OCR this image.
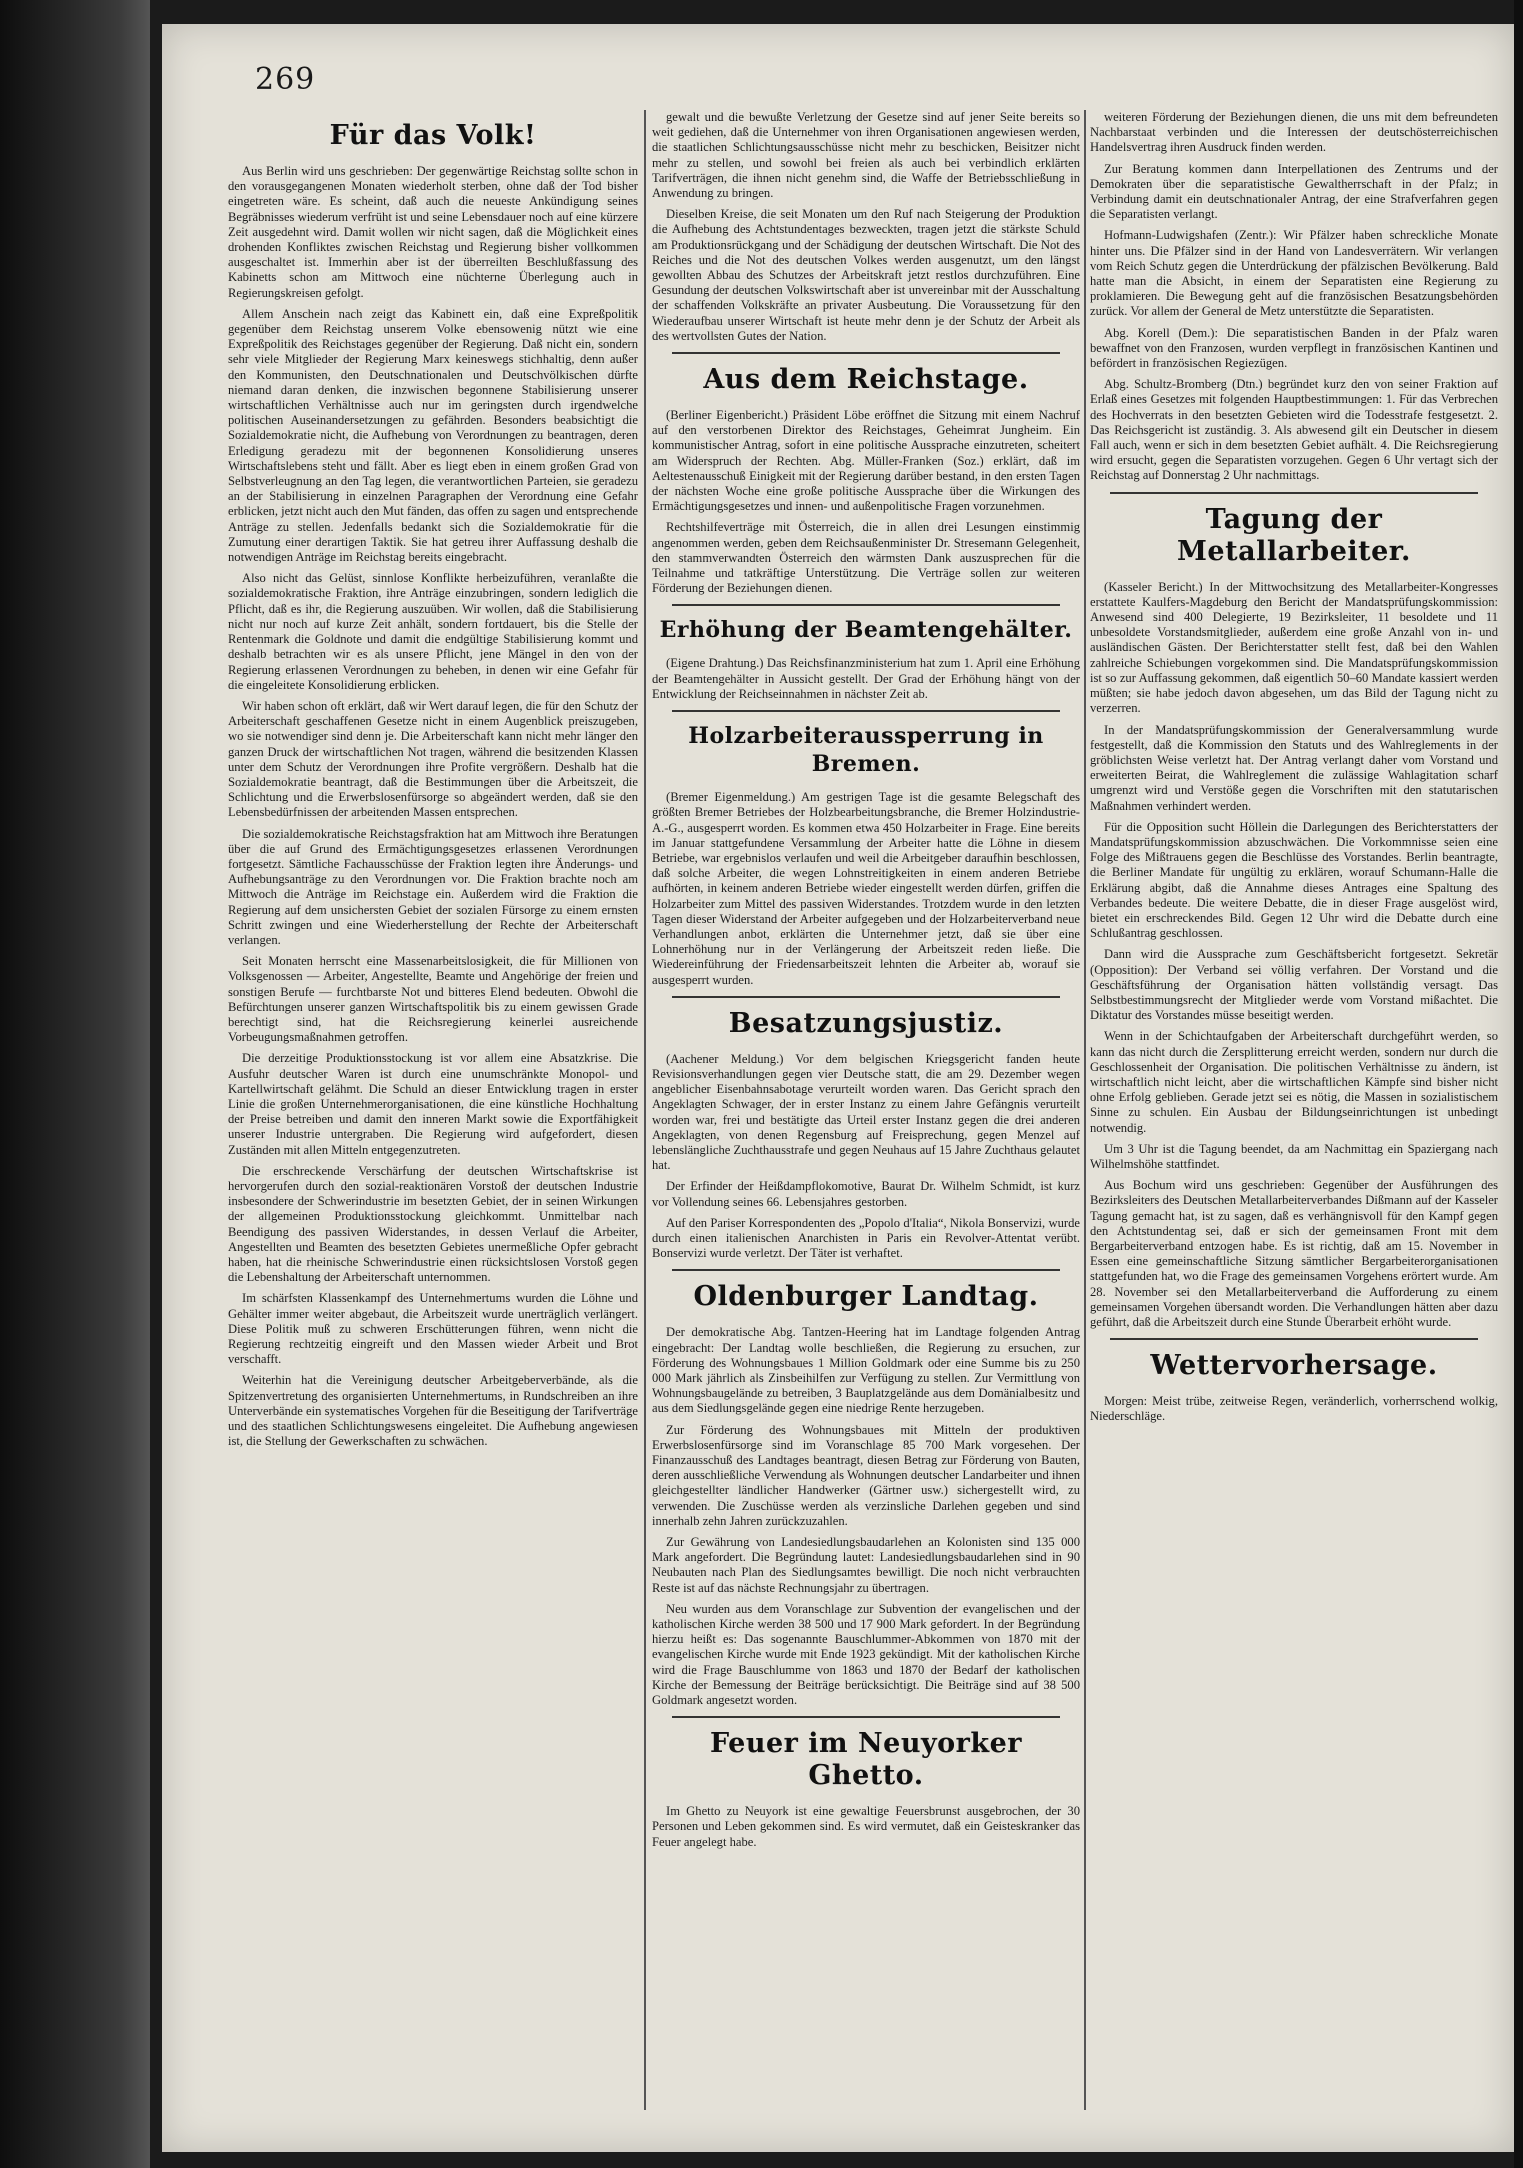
269
Für das Volk!

Aus Berlin wird uns geschrieben: Der gegenwärtige Reichstag sollte schon in den vorausgegangenen Monaten wiederholt sterben, ohne daß der Tod bisher eingetreten wäre. Es scheint, daß auch die neueste Ankündigung seines Begräbnisses wiederum verfrüht ist und seine Lebensdauer noch auf eine kürzere Zeit ausgedehnt wird. Damit wollen wir nicht sagen, daß die Möglichkeit eines drohenden Konfliktes zwischen Reichstag und Regierung bisher vollkommen ausgeschaltet ist. Immerhin aber ist der überreilten Beschlußfassung des Kabinetts schon am Mittwoch eine nüchterne Überlegung auch in Regierungskreisen gefolgt.

Allem Anschein nach zeigt das Kabinett ein, daß eine Expreßpolitik gegenüber dem Reichstag unserem Volke ebensowenig nützt wie eine Expreßpolitik des Reichstages gegenüber der Regierung. Daß nicht ein, sondern sehr viele Mitglieder der Regierung Marx keineswegs stichhaltig, denn außer den Kommunisten, den Deutschnationalen und Deutschvölkischen dürfte niemand daran denken, die inzwischen begonnene Stabilisierung unserer wirtschaftlichen Verhältnisse auch nur im geringsten durch irgendwelche politischen Auseinandersetzungen zu gefährden. Besonders beabsichtigt die Sozialdemokratie nicht, die Aufhebung von Verordnungen zu beantragen, deren Erledigung geradezu mit der begonnenen Konsolidierung unseres Wirtschaftslebens steht und fällt. Aber es liegt eben in einem großen Grad von Selbstverleugnung an den Tag legen, die verantwortlichen Parteien, sie geradezu an der Stabilisierung in einzelnen Paragraphen der Verordnung eine Gefahr erblicken, jetzt nicht auch den Mut fänden, das offen zu sagen und entsprechende Anträge zu stellen. Jedenfalls bedankt sich die Sozialdemokratie für die Zumutung einer derartigen Taktik. Sie hat getreu ihrer Auffassung deshalb die notwendigen Anträge im Reichstag bereits eingebracht.

Also nicht das Gelüst, sinnlose Konflikte herbeizuführen, veranlaßte die sozialdemokratische Fraktion, ihre Anträge einzubringen, sondern lediglich die Pflicht, daß es ihr, die Regierung auszuüben. Wir wollen, daß die Stabilisierung nicht nur noch auf kurze Zeit anhält, sondern fortdauert, bis die Stelle der Rentenmark die Goldnote und damit die endgültige Stabilisierung kommt und deshalb betrachten wir es als unsere Pflicht, jene Mängel in den von der Regierung erlassenen Verordnungen zu beheben, in denen wir eine Gefahr für die eingeleitete Konsolidierung erblicken.

Wir haben schon oft erklärt, daß wir Wert darauf legen, die für den Schutz der Arbeiterschaft geschaffenen Gesetze nicht in einem Augenblick preiszugeben, wo sie notwendiger sind denn je. Die Arbeiterschaft kann nicht mehr länger den ganzen Druck der wirtschaftlichen Not tragen, während die besitzenden Klassen unter dem Schutz der Verordnungen ihre Profite vergrößern. Deshalb hat die Sozialdemokratie beantragt, daß die Bestimmungen über die Arbeitszeit, die Schlichtung und die Erwerbslosenfürsorge so abgeändert werden, daß sie den Lebensbedürfnissen der arbeitenden Massen entsprechen.

Die sozialdemokratische Reichstagsfraktion hat am Mittwoch ihre Beratungen über die auf Grund des Ermächtigungsgesetzes erlassenen Verordnungen fortgesetzt. Sämtliche Fachausschüsse der Fraktion legten ihre Änderungs- und Aufhebungsanträge zu den Verordnungen vor. Die Fraktion brachte noch am Mittwoch die Anträge im Reichstage ein. Außerdem wird die Fraktion die Regierung auf dem unsichersten Gebiet der sozialen Fürsorge zu einem ernsten Schritt zwingen und eine Wiederherstellung der Rechte der Arbeiterschaft verlangen.

Seit Monaten herrscht eine Massenarbeitslosigkeit, die für Millionen von Volksgenossen — Arbeiter, Angestellte, Beamte und Angehörige der freien und sonstigen Berufe — furchtbarste Not und bitteres Elend bedeuten. Obwohl die Befürchtungen unserer ganzen Wirtschaftspolitik bis zu einem gewissen Grade berechtigt sind, hat die Reichsregierung keinerlei ausreichende Vorbeugungsmaßnahmen getroffen.

Die derzeitige Produktionsstockung ist vor allem eine Absatzkrise. Die Ausfuhr deutscher Waren ist durch eine unumschränkte Monopol- und Kartellwirtschaft gelähmt. Die Schuld an dieser Entwicklung tragen in erster Linie die großen Unternehmerorganisationen, die eine künstliche Hochhaltung der Preise betreiben und damit den inneren Markt sowie die Exportfähigkeit unserer Industrie untergraben. Die Regierung wird aufgefordert, diesen Zuständen mit allen Mitteln entgegenzutreten.

Die erschreckende Verschärfung der deutschen Wirtschaftskrise ist hervorgerufen durch den sozial-reaktionären Vorstoß der deutschen Industrie insbesondere der Schwerindustrie im besetzten Gebiet, der in seinen Wirkungen der allgemeinen Produktionsstockung gleichkommt. Unmittelbar nach Beendigung des passiven Widerstandes, in dessen Verlauf die Arbeiter, Angestellten und Beamten des besetzten Gebietes unermeßliche Opfer gebracht haben, hat die rheinische Schwerindustrie einen rücksichtslosen Vorstoß gegen die Lebenshaltung der Arbeiterschaft unternommen.

Im schärfsten Klassenkampf des Unternehmertums wurden die Löhne und Gehälter immer weiter abgebaut, die Arbeitszeit wurde unerträglich verlängert. Diese Politik muß zu schweren Erschütterungen führen, wenn nicht die Regierung rechtzeitig eingreift und den Massen wieder Arbeit und Brot verschafft.

Weiterhin hat die Vereinigung deutscher Arbeitgeberverbände, als die Spitzenvertretung des organisierten Unternehmertums, in Rundschreiben an ihre Unterverbände ein systematisches Vorgehen für die Beseitigung der Tarifverträge und des staatlichen Schlichtungswesens eingeleitet. Die Aufhebung angewiesen ist, die Stellung der Gewerkschaften zu schwächen.

gewalt und die bewußte Verletzung der Gesetze sind auf jener Seite bereits so weit gediehen, daß die Unternehmer von ihren Organisationen angewiesen werden, die staatlichen Schlichtungsausschüsse nicht mehr zu beschicken, Beisitzer nicht mehr zu stellen, und sowohl bei freien als auch bei verbindlich erklärten Tarifverträgen, die ihnen nicht genehm sind, die Waffe der Betriebsschließung in Anwendung zu bringen.

Dieselben Kreise, die seit Monaten um den Ruf nach Steigerung der Produktion die Aufhebung des Achtstundentages bezweckten, tragen jetzt die stärkste Schuld am Produktionsrückgang und der Schädigung der deutschen Wirtschaft. Die Not des Reiches und die Not des deutschen Volkes werden ausgenutzt, um den längst gewollten Abbau des Schutzes der Arbeitskraft jetzt restlos durchzuführen. Eine Gesundung der deutschen Volkswirtschaft aber ist unvereinbar mit der Ausschaltung der schaffenden Volkskräfte an privater Ausbeutung. Die Voraussetzung für den Wiederaufbau unserer Wirtschaft ist heute mehr denn je der Schutz der Arbeit als des wertvollsten Gutes der Nation.

Aus dem Reichstage.

(Berliner Eigenbericht.) Präsident Löbe eröffnet die Sitzung mit einem Nachruf auf den verstorbenen Direktor des Reichstages, Geheimrat Jungheim. Ein kommunistischer Antrag, sofort in eine politische Aussprache einzutreten, scheitert am Widerspruch der Rechten. Abg. Müller-Franken (Soz.) erklärt, daß im Aeltestenausschuß Einigkeit mit der Regierung darüber bestand, in den ersten Tagen der nächsten Woche eine große politische Aussprache über die Wirkungen des Ermächtigungsgesetzes und innen- und außenpolitische Fragen vorzunehmen.

Rechtshilfeverträge mit Österreich, die in allen drei Lesungen einstimmig angenommen werden, geben dem Reichsaußenminister Dr. Stresemann Gelegenheit, den stammverwandten Österreich den wärmsten Dank auszusprechen für die Teilnahme und tatkräftige Unterstützung. Die Verträge sollen zur weiteren Förderung der Beziehungen dienen.

Erhöhung der Beamtengehälter.

(Eigene Drahtung.) Das Reichsfinanzministerium hat zum 1. April eine Erhöhung der Beamtengehälter in Aussicht gestellt. Der Grad der Erhöhung hängt von der Entwicklung der Reichseinnahmen in nächster Zeit ab.

Holzarbeiteraussperrung in Bremen.

(Bremer Eigenmeldung.) Am gestrigen Tage ist die gesamte Belegschaft des größten Bremer Betriebes der Holzbearbeitungsbranche, die Bremer Holzindustrie-A.-G., ausgesperrt worden. Es kommen etwa 450 Holzarbeiter in Frage. Eine bereits im Januar stattgefundene Versammlung der Arbeiter hatte die Löhne in diesem Betriebe, war ergebnislos verlaufen und weil die Arbeitgeber daraufhin beschlossen, daß solche Arbeiter, die wegen Lohnstreitigkeiten in einem anderen Betriebe aufhörten, in keinem anderen Betriebe wieder eingestellt werden dürfen, griffen die Holzarbeiter zum Mittel des passiven Widerstandes. Trotzdem wurde in den letzten Tagen dieser Widerstand der Arbeiter aufgegeben und der Holzarbeiterverband neue Verhandlungen anbot, erklärten die Unternehmer jetzt, daß sie über eine Lohnerhöhung nur in der Verlängerung der Arbeitszeit reden ließe. Die Wiedereinführung der Friedensarbeitszeit lehnten die Arbeiter ab, worauf sie ausgesperrt wurden.

Besatzungsjustiz.

(Aachener Meldung.) Vor dem belgischen Kriegsgericht fanden heute Revisionsverhandlungen gegen vier Deutsche statt, die am 29. Dezember wegen angeblicher Eisenbahnsabotage verurteilt worden waren. Das Gericht sprach den Angeklagten Schwager, der in erster Instanz zu einem Jahre Gefängnis verurteilt worden war, frei und bestätigte das Urteil erster Instanz gegen die drei anderen Angeklagten, von denen Regensburg auf Freisprechung, gegen Menzel auf lebenslängliche Zuchthausstrafe und gegen Neuhaus auf 15 Jahre Zuchthaus gelautet hat.

Der Erfinder der Heißdampflokomotive, Baurat Dr. Wilhelm Schmidt, ist kurz vor Vollendung seines 66. Lebensjahres gestorben.

Auf den Pariser Korrespondenten des „Popolo d'Italia“, Nikola Bonservizi, wurde durch einen italienischen Anarchisten in Paris ein Revolver-Attentat verübt. Bonservizi wurde verletzt. Der Täter ist verhaftet.

Oldenburger Landtag.

Der demokratische Abg. Tantzen-Heering hat im Landtage folgenden Antrag eingebracht: Der Landtag wolle beschließen, die Regierung zu ersuchen, zur Förderung des Wohnungsbaues 1 Million Goldmark oder eine Summe bis zu 250 000 Mark jährlich als Zinsbeihilfen zur Verfügung zu stellen. Zur Vermittlung von Wohnungsbaugelände zu betreiben, 3 Bauplatzgelände aus dem Domänialbesitz und aus dem Siedlungsgelände gegen eine niedrige Rente herzugeben.

Zur Förderung des Wohnungsbaues mit Mitteln der produktiven Erwerbslosenfürsorge sind im Voranschlage 85 700 Mark vorgesehen. Der Finanzausschuß des Landtages beantragt, diesen Betrag zur Förderung von Bauten, deren ausschließliche Verwendung als Wohnungen deutscher Landarbeiter und ihnen gleichgestellter ländlicher Handwerker (Gärtner usw.) sichergestellt wird, zu verwenden. Die Zuschüsse werden als verzinsliche Darlehen gegeben und sind innerhalb zehn Jahren zurückzuzahlen.

Zur Gewährung von Landesiedlungsbaudarlehen an Kolonisten sind 135 000 Mark angefordert. Die Begründung lautet: Landesiedlungsbaudarlehen sind in 90 Neubauten nach Plan des Siedlungsamtes bewilligt. Die noch nicht verbrauchten Reste ist auf das nächste Rechnungsjahr zu übertragen.

Neu wurden aus dem Voranschlage zur Subvention der evangelischen und der katholischen Kirche werden 38 500 und 17 900 Mark gefordert. In der Begründung hierzu heißt es: Das sogenannte Bauschlummer-Abkommen von 1870 mit der evangelischen Kirche wurde mit Ende 1923 gekündigt. Mit der katholischen Kirche wird die Frage Bauschlumme von 1863 und 1870 der Bedarf der katholischen Kirche der Bemessung der Beiträge berücksichtigt. Die Beiträge sind auf 38 500 Goldmark angesetzt worden.

Feuer im Neuyorker Ghetto.

Im Ghetto zu Neuyork ist eine gewaltige Feuersbrunst ausgebrochen, der 30 Personen und Leben gekommen sind. Es wird vermutet, daß ein Geisteskranker das Feuer angelegt habe.

weiteren Förderung der Beziehungen dienen, die uns mit dem befreundeten Nachbarstaat verbinden und die Interessen der deutschösterreichischen Handelsvertrag ihren Ausdruck finden werden.

Zur Beratung kommen dann Interpellationen des Zentrums und der Demokraten über die separatistische Gewaltherrschaft in der Pfalz; in Verbindung damit ein deutschnationaler Antrag, der eine Strafverfahren gegen die Separatisten verlangt.

Hofmann-Ludwigshafen (Zentr.): Wir Pfälzer haben schreckliche Monate hinter uns. Die Pfälzer sind in der Hand von Landesverrätern. Wir verlangen vom Reich Schutz gegen die Unterdrückung der pfälzischen Bevölkerung. Bald hatte man die Absicht, in einem der Separatisten eine Regierung zu proklamieren. Die Bewegung geht auf die französischen Besatzungsbehörden zurück. Vor allem der General de Metz unterstützte die Separatisten.

Abg. Korell (Dem.): Die separatistischen Banden in der Pfalz waren bewaffnet von den Franzosen, wurden verpflegt in französischen Kantinen und befördert in französischen Regiezügen.

Abg. Schultz-Bromberg (Dtn.) begründet kurz den von seiner Fraktion auf Erlaß eines Gesetzes mit folgenden Hauptbestimmungen: 1. Für das Verbrechen des Hochverrats in den besetzten Gebieten wird die Todesstrafe festgesetzt. 2. Das Reichsgericht ist zuständig. 3. Als abwesend gilt ein Deutscher in diesem Fall auch, wenn er sich in dem besetzten Gebiet aufhält. 4. Die Reichsregierung wird ersucht, gegen die Separatisten vorzugehen. Gegen 6 Uhr vertagt sich der Reichstag auf Donnerstag 2 Uhr nachmittags.

Tagung der Metallarbeiter.

(Kasseler Bericht.) In der Mittwochsitzung des Metallarbeiter-Kongresses erstattete Kaulfers-Magdeburg den Bericht der Mandatsprüfungskommission: Anwesend sind 400 Delegierte, 19 Bezirksleiter, 11 besoldete und 11 unbesoldete Vorstandsmitglieder, außerdem eine große Anzahl von in- und ausländischen Gästen. Der Berichterstatter stellt fest, daß bei den Wahlen zahlreiche Schiebungen vorgekommen sind. Die Mandatsprüfungskommission ist so zur Auffassung gekommen, daß eigentlich 50–60 Mandate kassiert werden müßten; sie habe jedoch davon abgesehen, um das Bild der Tagung nicht zu verzerren.

In der Mandatsprüfungskommission der Generalversammlung wurde festgestellt, daß die Kommission den Statuts und des Wahlreglements in der gröblichsten Weise verletzt hat. Der Antrag verlangt daher vom Vorstand und erweiterten Beirat, die Wahlreglement die zulässige Wahlagitation scharf umgrenzt wird und Verstöße gegen die Vorschriften mit den statutarischen Maßnahmen verhindert werden.

Für die Opposition sucht Höllein die Darlegungen des Berichterstatters der Mandatsprüfungskommission abzuschwächen. Die Vorkommnisse seien eine Folge des Mißtrauens gegen die Beschlüsse des Vorstandes. Berlin beantragte, die Berliner Mandate für ungültig zu erklären, worauf Schumann-Halle die Erklärung abgibt, daß die Annahme dieses Antrages eine Spaltung des Verbandes bedeute. Die weitere Debatte, die in dieser Frage ausgelöst wird, bietet ein erschreckendes Bild. Gegen 12 Uhr wird die Debatte durch eine Schlußantrag geschlossen.

Dann wird die Aussprache zum Geschäftsbericht fortgesetzt. Sekretär (Opposition): Der Verband sei völlig verfahren. Der Vorstand und die Geschäftsführung der Organisation hätten vollständig versagt. Das Selbstbestimmungsrecht der Mitglieder werde vom Vorstand mißachtet. Die Diktatur des Vorstandes müsse beseitigt werden.

Wenn in der Schichtaufgaben der Arbeiterschaft durchgeführt werden, so kann das nicht durch die Zersplitterung erreicht werden, sondern nur durch die Geschlossenheit der Organisation. Die politischen Verhältnisse zu ändern, ist wirtschaftlich nicht leicht, aber die wirtschaftlichen Kämpfe sind bisher nicht ohne Erfolg geblieben. Gerade jetzt sei es nötig, die Massen in sozialistischem Sinne zu schulen. Ein Ausbau der Bildungseinrichtungen ist unbedingt notwendig.

Um 3 Uhr ist die Tagung beendet, da am Nachmittag ein Spaziergang nach Wilhelmshöhe stattfindet.

Aus Bochum wird uns geschrieben: Gegenüber der Ausführungen des Bezirksleiters des Deutschen Metallarbeiterverbandes Dißmann auf der Kasseler Tagung gemacht hat, ist zu sagen, daß es verhängnisvoll für den Kampf gegen den Achtstundentag sei, daß er sich der gemeinsamen Front mit dem Bergarbeiterverband entzogen habe. Es ist richtig, daß am 15. November in Essen eine gemeinschaftliche Sitzung sämtlicher Bergarbeiterorganisationen stattgefunden hat, wo die Frage des gemeinsamen Vorgehens erörtert wurde. Am 28. November sei den Metallarbeiterverband die Aufforderung zu einem gemeinsamen Vorgehen übersandt worden. Die Verhandlungen hätten aber dazu geführt, daß die Arbeitszeit durch eine Stunde Überarbeit erhöht wurde.

Wettervorhersage.

Morgen: Meist trübe, zeitweise Regen, veränderlich, vorherrschend wolkig, Niederschläge.
